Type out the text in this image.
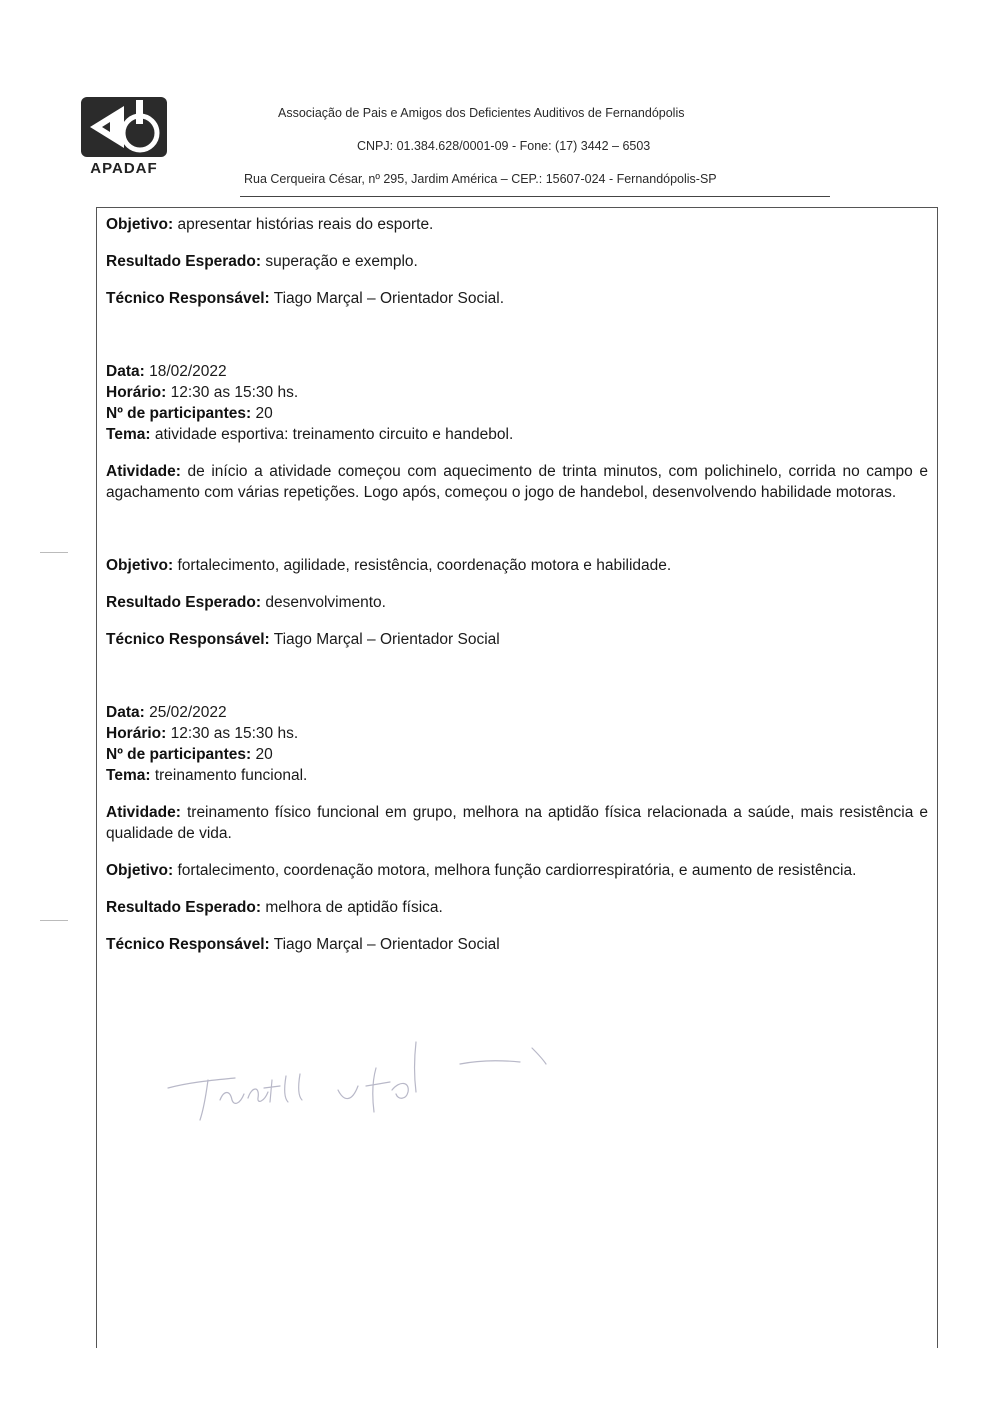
APADAF
Associação de Pais e Amigos dos Deficientes Auditivos de Fernandópolis
CNPJ: 01.384.628/0001-09 - Fone: (17) 3442 – 6503
Rua Cerqueira César, nº 295, Jardim América – CEP.: 15607-024 - Fernandópolis-SP

Objetivo: apresentar histórias reais do esporte.

Resultado Esperado: superação e exemplo.

Técnico Responsável: Tiago Marçal – Orientador Social.

Data: 18/02/2022

Horário: 12:30 as 15:30 hs.

Nº de participantes: 20

Tema: atividade esportiva: treinamento circuito e handebol.

Atividade: de início a atividade começou com aquecimento de trinta minutos, com polichinelo, corrida no campo e agachamento com várias repetições. Logo após, começou o jogo de handebol, desenvolvendo habilidade motoras.

Objetivo: fortalecimento, agilidade, resistência, coordenação motora e habilidade.

Resultado Esperado: desenvolvimento.

Técnico Responsável: Tiago Marçal – Orientador Social

Data: 25/02/2022

Horário: 12:30 as 15:30 hs.

Nº de participantes: 20

Tema: treinamento funcional.

Atividade: treinamento físico funcional em grupo, melhora na aptidão física relacionada a saúde, mais resistência e qualidade de vida.

Objetivo: fortalecimento, coordenação motora, melhora função cardiorrespiratória, e aumento de resistência.

Resultado Esperado: melhora de aptidão física.

Técnico Responsável: Tiago Marçal – Orientador Social
